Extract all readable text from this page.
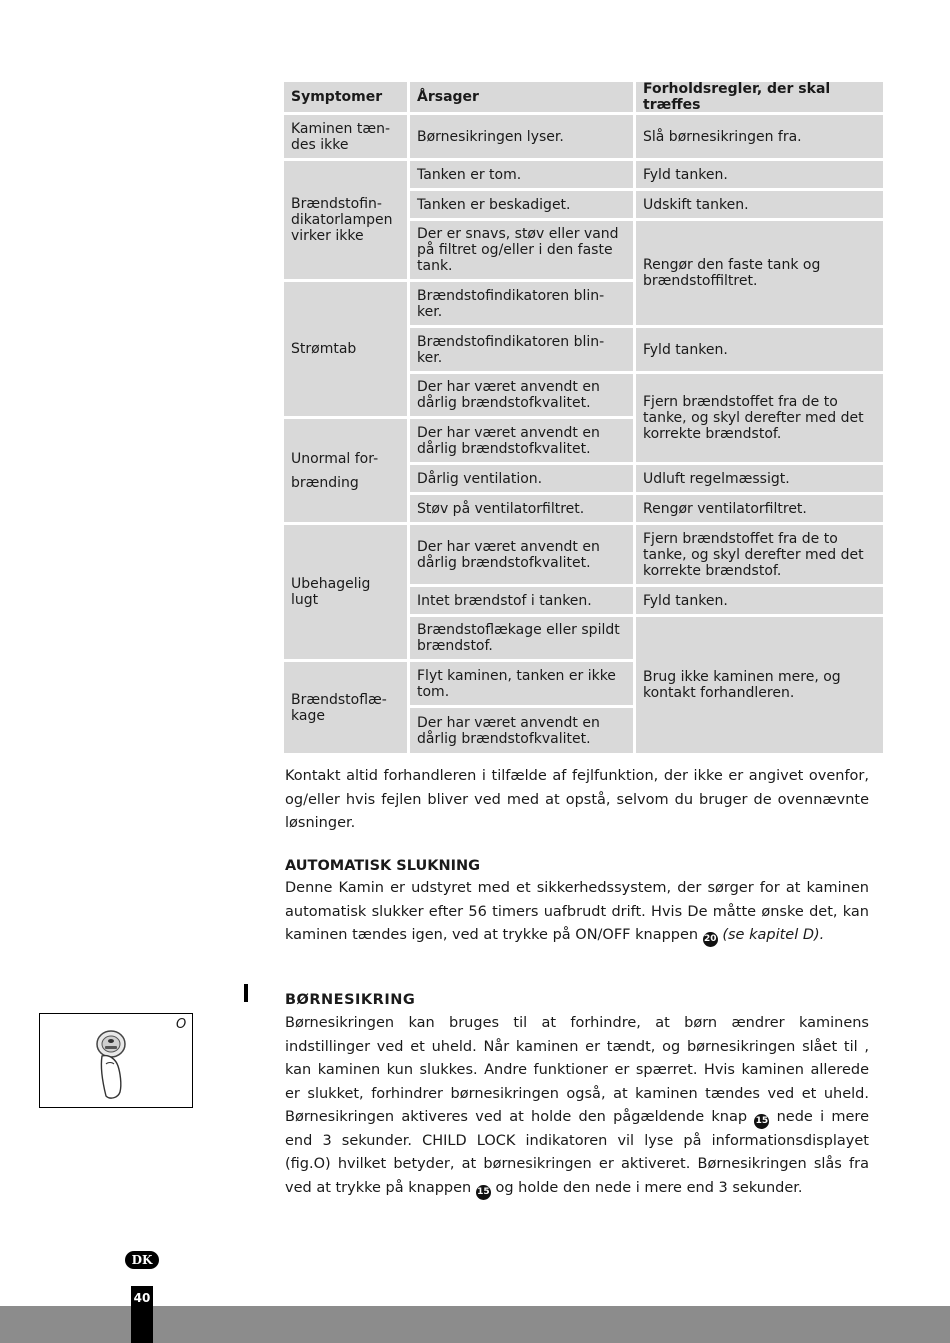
Symptomer	Årsager	Forholdsregler, der skal træffes
Kaminen tæn-
des ikke
Brændstofin-
dikatorlampen
virker ikke
Strømtab
Unormal for-
brænding
Ubehagelig
lugt
Brændstoflæ-
kage
Børnesikringen lyser.
Tanken er tom.
Tanken er beskadiget.
Der er snavs, støv eller vand
på filtret og/eller i den faste
tank.
Brændstofindikatoren blin-
ker.
Brændstofindikatoren blin-
ker.
Der har været anvendt en
dårlig brændstofkvalitet.
Der har været anvendt en
dårlig brændstofkvalitet.
Dårlig ventilation.
Støv på ventilatorfiltret.
Der har været anvendt en
dårlig brændstofkvalitet.
Intet brændstof i tanken.
Brændstoflækage eller spildt
brændstof.
Flyt kaminen, tanken er ikke
tom.
Der har været anvendt en
dårlig brændstofkvalitet.
Slå børnesikringen fra.
Fyld tanken.
Udskift tanken.
Rengør den faste tank og
brændstoffiltret.
Fyld tanken.
Fjern brændstoffet fra de to
tanke, og skyl derefter med det
korrekte brændstof.
Udluft regelmæssigt.
Rengør ventilatorfiltret.
Fjern brændstoffet fra de to
tanke, og skyl derefter med det
korrekte brændstof.
Fyld tanken.
Brug ikke kaminen mere, og
kontakt forhandleren.
Kontakt altid forhandleren i tilfælde af fejlfunktion, der ikke er angivet ovenfor, og/eller hvis fejlen bliver ved med at opstå, selvom du bruger de ovennævnte løsninger.
AUTOMATISK SLUKNING
Denne Kamin er udstyret med et sikkerhedssystem, der sørger for at kaminen automatisk slukker efter 56 timers uafbrudt drift. Hvis De måtte ønske det, kan kaminen tændes igen, ved at trykke på ON/OFF knappen 20 (se kapitel D).
BØRNESIKRING
Børnesikringen kan bruges til at forhindre, at børn ændrer kaminens indstillinger ved et uheld. Når kaminen er tændt, og børnesikringen slået til , kan kaminen kun slukkes. Andre funktioner er spærret. Hvis kaminen allerede er slukket, forhindrer børnesikringen også, at kaminen tændes ved et uheld. Børnesikringen aktiveres ved at holde den pågældende knap 15 nede i mere end 3 sekunder. CHILD LOCK indikatoren vil lyse på informationsdisplayet (fig.O) hvilket betyder, at børnesikringen er aktiveret. Børnesikringen slås fra ved at trykke på knappen 15 og holde den nede i mere end 3 sekunder.
O
DK
40
